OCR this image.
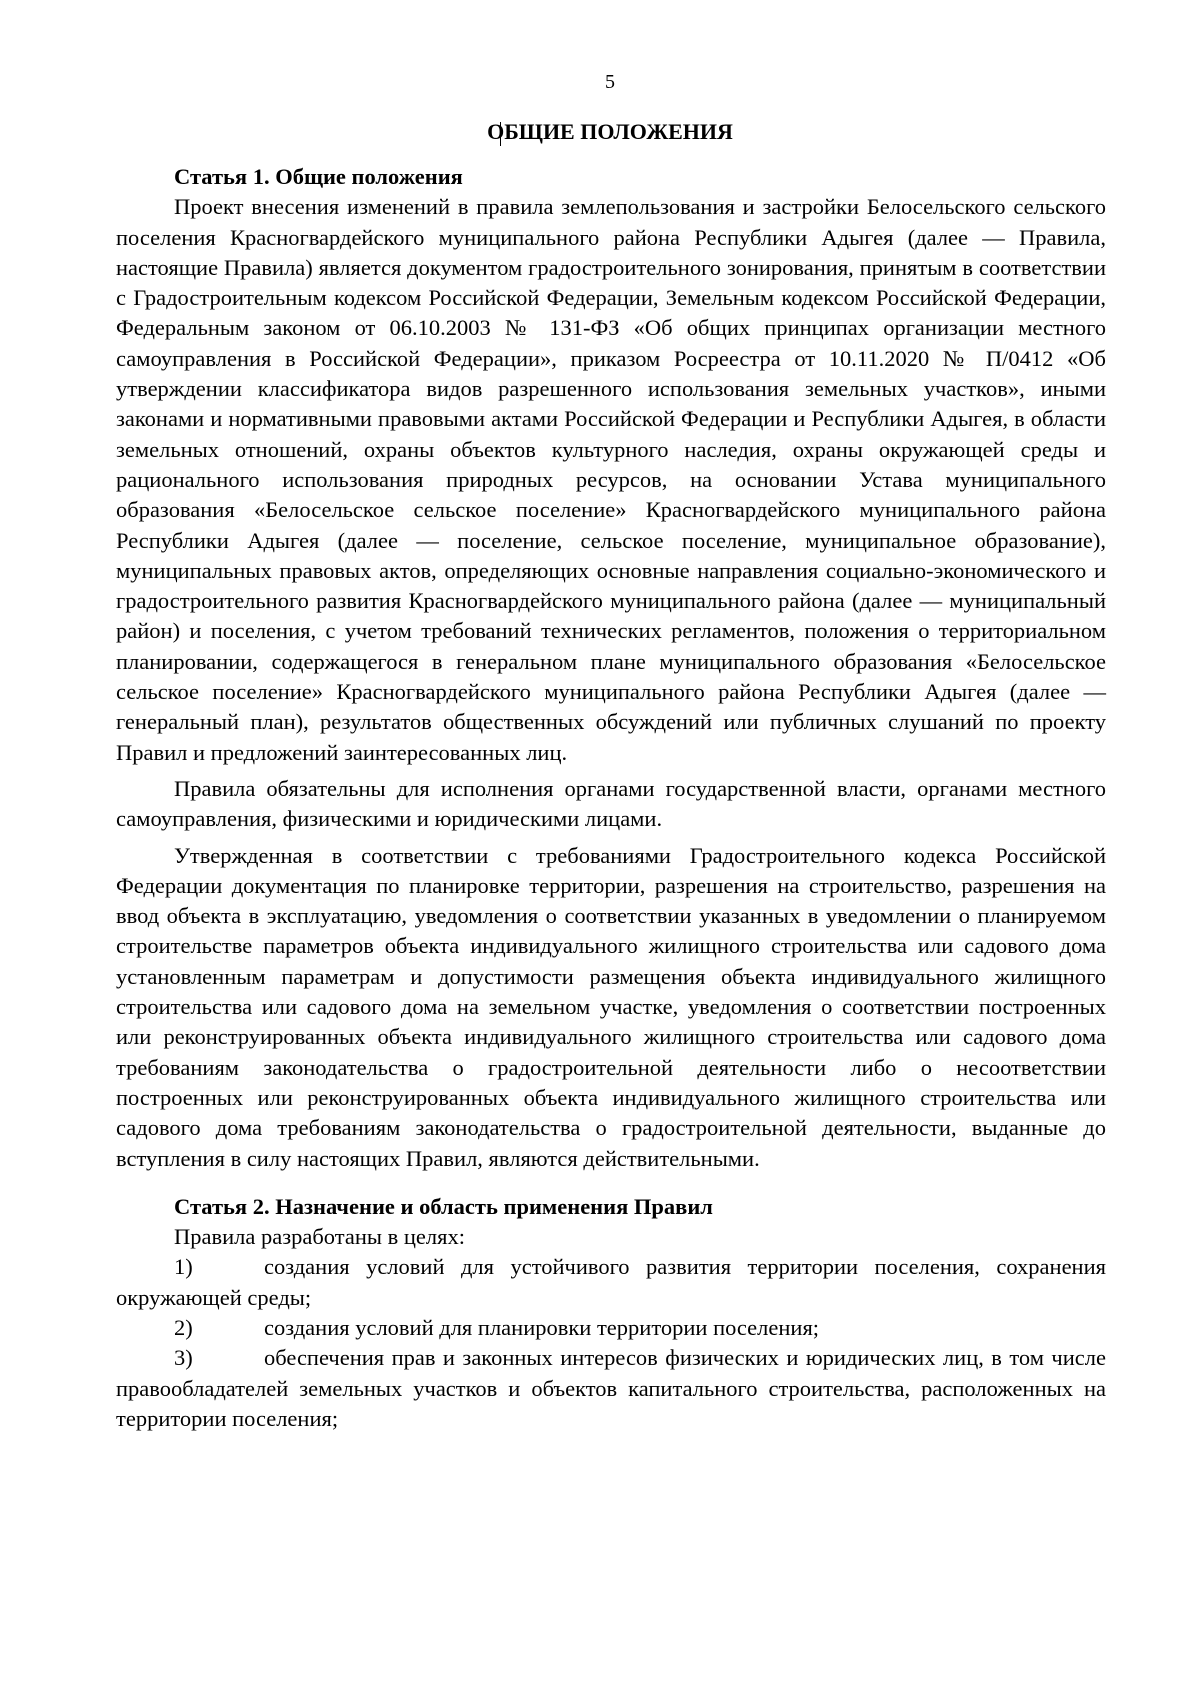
5
ОБЩИЕ ПОЛОЖЕНИЯ

Статья 1. Общие положения

Проект внесения изменений в правила землепользования и застройки Белосельского сельского поселения Красногвардейского муниципального района Республики Адыгея (далее — Правила, настоящие Правила) является документом градостроительного зонирования, принятым в соответствии с Градостроительным кодексом Российской Федерации, Земельным кодексом Российской Федерации, Федеральным законом от 06.10.2003 № 131-ФЗ «Об общих принципах организации местного самоуправления в Российской Федерации», приказом Росреестра от 10.11.2020 № П/0412 «Об утверждении классификатора видов разрешенного использования земельных участков», иными законами и нормативными правовыми актами Российской Федерации и Республики Адыгея, в области земельных отношений, охраны объектов культурного наследия, охраны окружающей среды и рационального использования природных ресурсов, на основании Устава муниципального образования «Белосельское сельское поселение» Красногвардейского муниципального района Республики Адыгея (далее — поселение, сельское поселение, муниципальное образование), муниципальных правовых актов, определяющих основные направления социально-экономического и градостроительного развития Красногвардейского муниципального района (далее — муниципальный район) и поселения, с учетом требований технических регламентов, положения о территориальном планировании, содержащегося в генеральном плане муниципального образования «Белосельское сельское поселение» Красногвардейского муниципального района Республики Адыгея (далее — генеральный план), результатов общественных обсуждений или публичных слушаний по проекту Правил и предложений заинтересованных лиц.

Правила обязательны для исполнения органами государственной власти, органами местного самоуправления, физическими и юридическими лицами.

Утвержденная в соответствии с требованиями Градостроительного кодекса Российской Федерации документация по планировке территории, разрешения на строительство, разрешения на ввод объекта в эксплуатацию, уведомления о соответствии указанных в уведомлении о планируемом строительстве параметров объекта индивидуального жилищного строительства или садового дома установленным параметрам и допустимости размещения объекта индивидуального жилищного строительства или садового дома на земельном участке, уведомления о соответствии построенных или реконструированных объекта индивидуального жилищного строительства или садового дома требованиям законодательства о градостроительной деятельности либо о несоответствии построенных или реконструированных объекта индивидуального жилищного строительства или садового дома требованиям законодательства о градостроительной деятельности, выданные до вступления в силу настоящих Правил, являются действительными.

Статья 2. Назначение и область применения Правил

Правила разработаны в целях:

1)	создания условий для устойчивого развития территории поселения, сохранения окружающей среды;

2)	создания условий для планировки территории поселения;

3)	обеспечения прав и законных интересов физических и юридических лиц, в том числе правообладателей земельных участков и объектов капитального строительства, расположенных на территории поселения;
